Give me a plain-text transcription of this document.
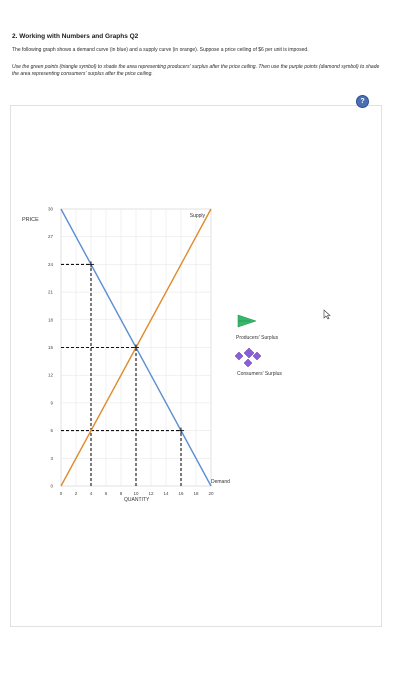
2. Working with Numbers and Graphs Q2
The following graph shows a demand curve (in blue) and a supply curve (in orange). Suppose a price ceiling of $6 per unit is imposed.
Use the green points (triangle symbol) to shade the area representing producers' surplus after the price ceiling. Then use the purple points (diamond symbol) to shade the area representing consumers' surplus after the price ceiling.
0	2	4	6	8 10 12 14 16 18 20
0
3
6
9
12
15
18
21
24
27
30
Supply
Demand
Producers' Surplus
Consumers' Surplus
PRICE
QUANTITY
?
